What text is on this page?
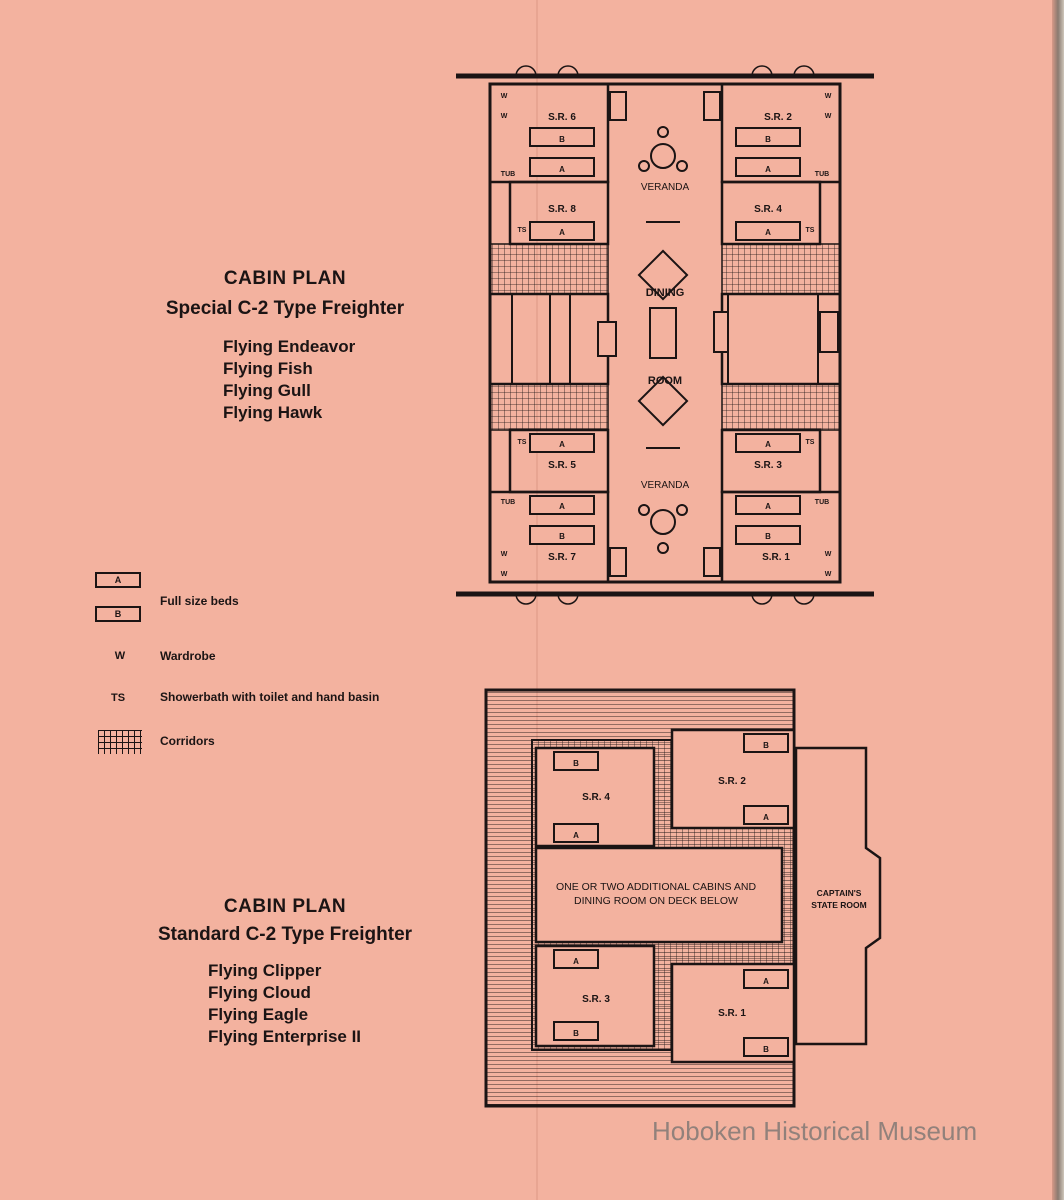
CABIN PLAN
Special C-2 Type Freighter
Flying Endeavor
Flying Fish
Flying Gull
Flying Hawk
A
B
Full size beds
W	Wardrobe
TS	Showerbath with toilet and hand basin
Corridors
CABIN PLAN
Standard C-2 Type Freighter
Flying Clipper
Flying Cloud
Flying Eagle
Flying Enterprise II
S.R. 6	S.R. 2
S.R. 8	S.R. 4
S.R. 5	S.R. 3
S.R. 7	S.R. 1
VERANDA
VERANDA
DINING
ROOM
B
A
B
A
A	A
A	A
A
B
A
B
W
W
W
W
TUB	TUB
TS	TS
TS	TS
TUB	TUB
W
W
W
W
S.R. 4
S.R. 2
S.R. 3
S.R. 1
ONE OR TWO ADDITIONAL CABINS AND
DINING ROOM ON DECK BELOW
CAPTAIN'S
STATE ROOM
B
A
B
A
A
B
A
B
Hoboken Historical Museum
